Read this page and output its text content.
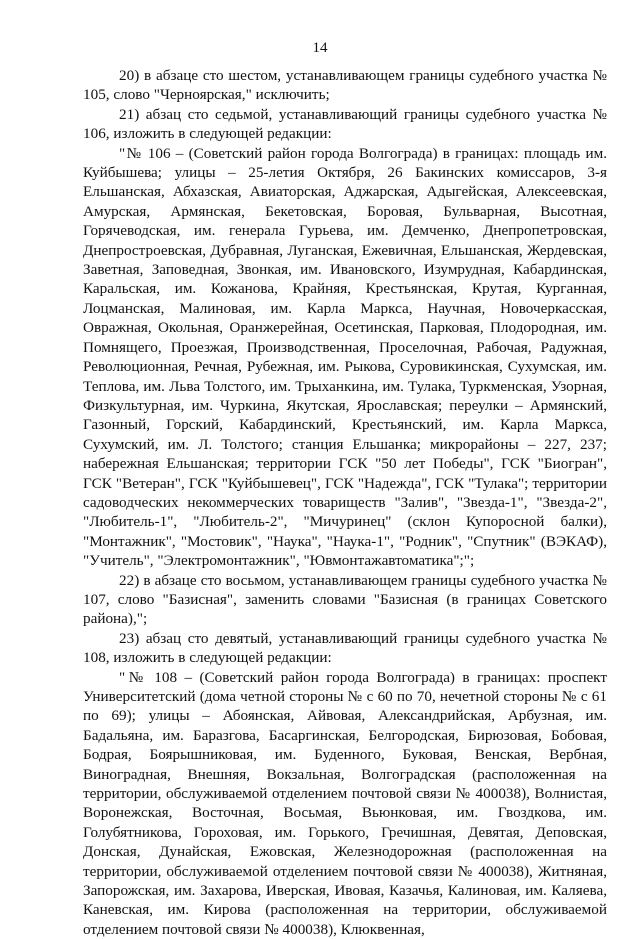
14

20) в абзаце сто шестом, устанавливающем границы судебного участка № 105, слово "Черноярская," исключить;

21) абзац сто седьмой, устанавливающий границы судебного участка № 106, изложить в следующей редакции:

"№ 106 – (Советский район города Волгограда) в границах: площадь им. Куйбышева; улицы – 25-летия Октября, 26 Бакинских комиссаров, 3-я Ельшанская, Абхазская, Авиаторская, Аджарская, Адыгейская, Алексеевская, Амурская, Армянская, Бекетовская, Боровая, Бульварная, Высотная, Горячеводская, им. генерала Гурьева, им. Демченко, Днепропетровская, Днепростроевская, Дубравная, Луганская, Ежевичная, Ельшанская, Жердевская, Заветная, Заповедная, Звонкая, им. Ивановского, Изумрудная, Кабардинская, Каральская, им. Кожанова, Крайняя, Крестьянская, Крутая, Курганная, Лоцманская, Малиновая, им. Карла Маркса, Научная, Новочеркасская, Овражная, Окольная, Оранжерейная, Осетинская, Парковая, Плодородная, им. Помнящего, Проезжая, Производственная, Проселочная, Рабочая, Радужная, Революционная, Речная, Рубежная, им. Рыкова, Суровикинская, Сухумская, им. Теплова, им. Льва Толстого, им. Трыханкина, им. Тулака, Туркменская, Узорная, Физкультурная, им. Чуркина, Якутская, Ярославская; переулки – Армянский, Газонный, Горский, Кабардинский, Крестьянский, им. Карла Маркса, Сухумский, им. Л. Толстого; станция Ельшанка; микрорайоны – 227, 237; набережная Ельшанская; территории ГСК "50 лет Победы", ГСК "Биогран", ГСК "Ветеран", ГСК "Куйбышевец", ГСК "Надежда", ГСК "Тулака"; территории садоводческих некоммерческих товариществ "Залив", "Звезда-1", "Звезда-2", "Любитель-1", "Любитель-2", "Мичуринец" (склон Купоросной балки), "Монтажник", "Мостовик", "Наука", "Наука-1", "Родник", "Спутник" (ВЭКАФ), "Учитель", "Электромонтажник", "Ювмонтажавтоматика";";

22) в абзаце сто восьмом, устанавливающем границы судебного участка № 107, слово "Базисная", заменить словами "Базисная (в границах Советского района),";

23) абзац сто девятый, устанавливающий границы судебного участка № 108, изложить в следующей редакции:

"№ 108 – (Советский район города Волгограда) в границах: проспект Университетский (дома четной стороны № с 60 по 70, нечетной стороны № с 61 по 69); улицы – Абоянская, Айвовая, Александрийская, Арбузная, им. Бадальяна, им. Баразгова, Басаргинская, Белгородская, Бирюзовая, Бобовая, Бодрая, Боярышниковая, им. Буденного, Буковая, Венская, Вербная, Виноградная, Внешняя, Вокзальная, Волгоградская (расположенная на территории, обслуживаемой отделением почтовой связи № 400038), Волнистая, Воронежская, Восточная, Восьмая, Вьюнковая, им. Гвоздкова, им. Голубятникова, Гороховая, им. Горького, Гречишная, Девятая, Деповская, Донская, Дунайская, Ежовская, Железнодорожная (расположенная на территории, обслуживаемой отделением почтовой связи № 400038), Житняная, Запорожская, им. Захарова, Иверская, Ивовая, Казачья, Калиновая, им. Каляева, Каневская, им. Кирова (расположенная на территории, обслуживаемой отделением почтовой связи № 400038), Клюквенная,
